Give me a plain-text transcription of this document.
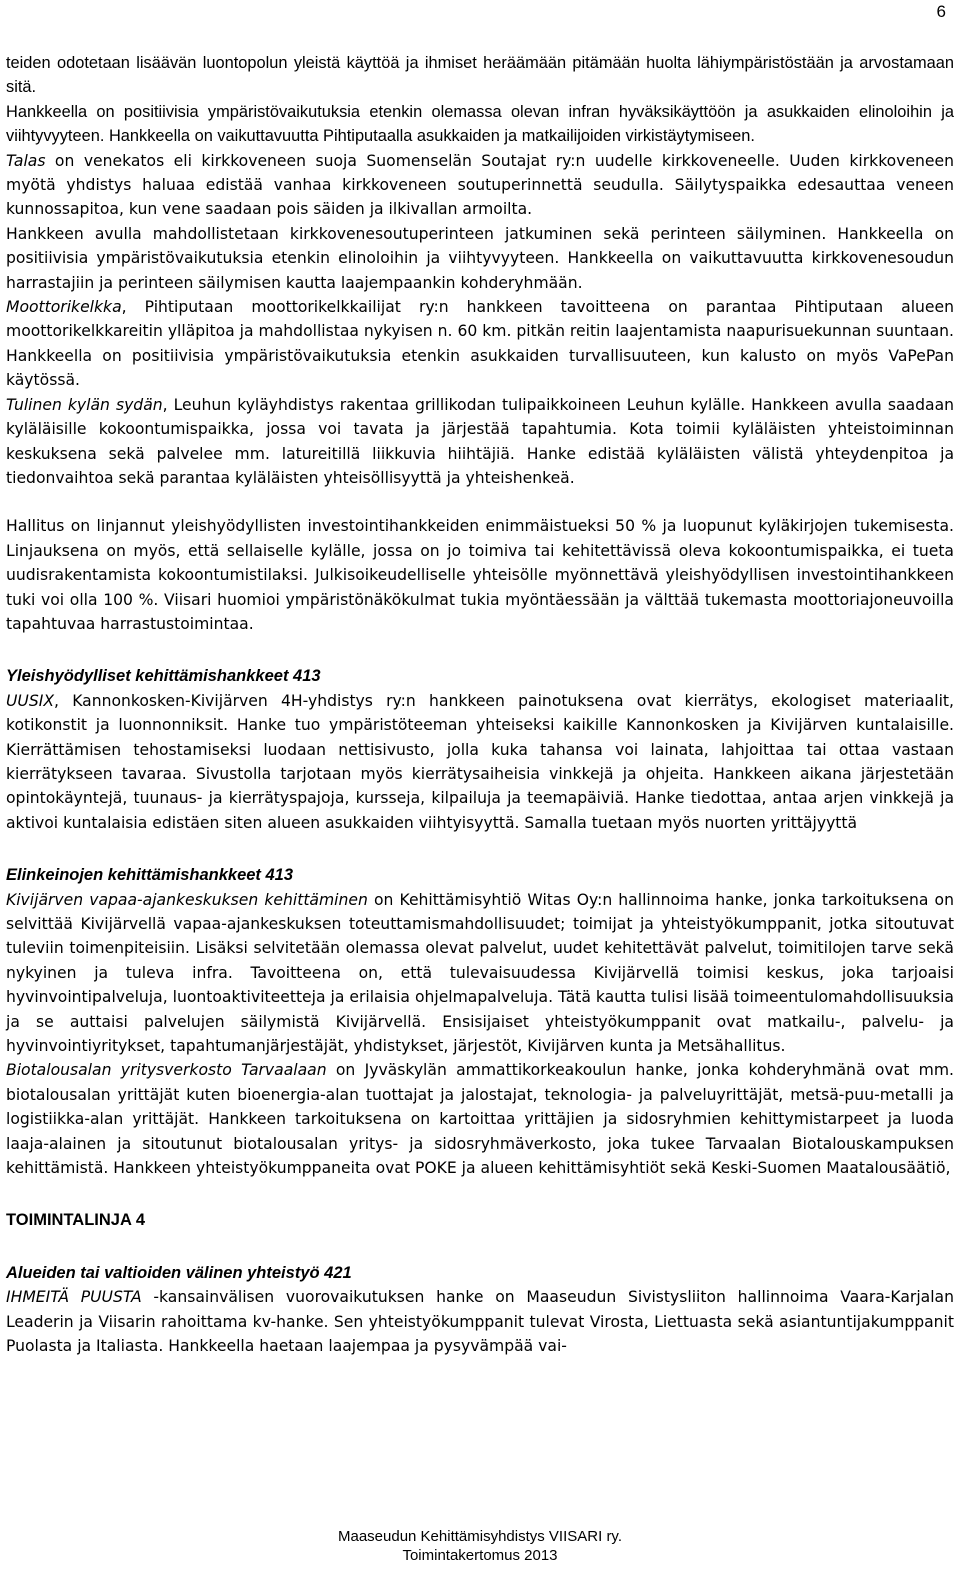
6

teiden odotetaan lisäävän luontopolun yleistä käyttöä ja ihmiset heräämään pitämään huolta lähiympäristöstään ja arvostamaan sitä.

Hankkeella on positiivisia ympäristövaikutuksia etenkin olemassa olevan infran hyväksikäyttöön ja asukkaiden elinoloihin ja viihtyvyyteen. Hankkeella on vaikuttavuutta Pihtiputaalla asukkaiden ja matkailijoiden virkistäytymiseen.

Talas on venekatos eli kirkkoveneen suoja Suomenselän Soutajat ry:n uudelle kirkkoveneelle. Uuden kirkkoveneen myötä yhdistys haluaa edistää vanhaa kirkkoveneen soutuperinnettä seudulla. Säilytyspaikka edesauttaa veneen kunnossapitoa, kun vene saadaan pois säiden ja ilkivallan armoilta.

Hankkeen avulla mahdollistetaan kirkkovenesoutuperinteen jatkuminen sekä perinteen säilyminen. Hankkeella on positiivisia ympäristövaikutuksia etenkin elinoloihin ja viihtyvyyteen. Hankkeella on vaikuttavuutta kirkkovenesoudun harrastajiin ja perinteen säilymisen kautta laajempaankin kohderyhmään.

Moottorikelkka, Pihtiputaan moottorikelkkailijat ry:n hankkeen tavoitteena on parantaa Pihtiputaan alueen moottorikelkkareitin ylläpitoa ja mahdollistaa nykyisen n. 60 km. pitkän reitin laajentamista naapurisuekunnan suuntaan. Hankkeella on positiivisia ympäristövaikutuksia etenkin asukkaiden turvallisuuteen, kun kalusto on myös VaPePan käytössä.

Tulinen kylän sydän, Leuhun kyläyhdistys rakentaa grillikodan tulipaikkoineen Leuhun kylälle. Hankkeen avulla saadaan kyläläisille kokoontumispaikka, jossa voi tavata ja järjestää tapahtumia. Kota toimii kyläläisten yhteistoiminnan keskuksena sekä palvelee mm. latureitillä liikkuvia hiihtäjiä. Hanke edistää kyläläisten välistä yhteydenpitoa ja tiedonvaihtoa sekä parantaa kyläläisten yhteisöllisyyttä ja yhteishenkeä.

Hallitus on linjannut yleishyödyllisten investointihankkeiden enimmäistueksi 50 % ja luopunut kyläkirjojen tukemisesta. Linjauksena on myös, että sellaiselle kylälle, jossa on jo toimiva tai kehitettävissä oleva kokoontumispaikka, ei tueta uudisrakentamista kokoontumistilaksi. Julkisoikeudelliselle yhteisölle myönnettävä yleishyödyllisen investointihankkeen tuki voi olla 100 %. Viisari huomioi ympäristönäkökulmat tukia myöntäessään ja välttää tukemasta moottoriajoneuvoilla tapahtuvaa harrastustoimintaa.

Yleishyödylliset kehittämishankkeet 413

UUSIX, Kannonkosken-Kivijärven 4H-yhdistys ry:n hankkeen painotuksena ovat kierrätys, ekologiset materiaalit, kotikonstit ja luonnonniksit. Hanke tuo ympäristöteeman yhteiseksi kaikille Kannonkosken ja Kivijärven kuntalaisille. Kierrättämisen tehostamiseksi luodaan nettisivusto, jolla kuka tahansa voi lainata, lahjoittaa tai ottaa vastaan kierrätykseen tavaraa. Sivustolla tarjotaan myös kierrätysaiheisia vinkkejä ja ohjeita. Hankkeen aikana järjestetään opintokäyntejä, tuunaus- ja kierrätyspajoja, kursseja, kilpailuja ja teemapäiviä. Hanke tiedottaa, antaa arjen vinkkejä ja aktivoi kuntalaisia edistäen siten alueen asukkaiden viihtyisyyttä. Samalla tuetaan myös nuorten yrittäjyyttä

Elinkeinojen kehittämishankkeet 413

Kivijärven vapaa-ajankeskuksen kehittäminen on Kehittämisyhtiö Witas Oy:n hallinnoima hanke, jonka tarkoituksena on selvittää Kivijärvellä vapaa-ajankeskuksen toteuttamismahdollisuudet; toimijat ja yhteistyökumppanit, jotka sitoutuvat tuleviin toimenpiteisiin. Lisäksi selvitetään olemassa olevat palvelut, uudet kehitettävät palvelut, toimitilojen tarve sekä nykyinen ja tuleva infra. Tavoitteena on, että tulevaisuudessa Kivijärvellä toimisi keskus, joka tarjoaisi hyvinvointipalveluja, luontoaktiviteetteja ja erilaisia ohjelmapalveluja. Tätä kautta tulisi lisää toimeentulomahdollisuuksia ja se auttaisi palvelujen säilymistä Kivijärvellä. Ensisijaiset yhteistyökumppanit ovat matkailu-, palvelu- ja hyvinvointiyritykset, tapahtumanjärjestäjät, yhdistykset, järjestöt, Kivijärven kunta ja Metsähallitus.

Biotalousalan yritysverkosto Tarvaalaan on Jyväskylän ammattikorkeakoulun hanke, jonka kohderyhmänä ovat mm. biotalousalan yrittäjät kuten bioenergia-alan tuottajat ja jalostajat, teknologia- ja palveluyrittäjät, metsä-puu-metalli ja logistiikka-alan yrittäjät. Hankkeen tarkoituksena on kartoittaa yrittäjien ja sidosryhmien kehittymistarpeet ja luoda laaja-alainen ja sitoutunut biotalousalan yritys- ja sidosryhmäverkosto, joka tukee Tarvaalan Biotalouskampuksen kehittämistä. Hankkeen yhteistyökumppaneita ovat POKE ja alueen kehittämisyhtiöt sekä Keski-Suomen Maatalousäätiö,

TOIMINTALINJA 4

Alueiden tai valtioiden välinen yhteistyö 421

IHMEITÄ PUUSTA -kansainvälisen vuorovaikutuksen hanke on Maaseudun Sivistysliiton hallinnoima Vaara-Karjalan Leaderin ja Viisarin rahoittama kv-hanke. Sen yhteistyökumppanit tulevat Virosta, Liettuasta sekä asiantuntijakumppanit Puolasta ja Italiasta. Hankkeella haetaan laajempaa ja pysyvämpää vai-

Maaseudun Kehittämisyhdistys VIISARI ry.
Toimintakertomus 2013
